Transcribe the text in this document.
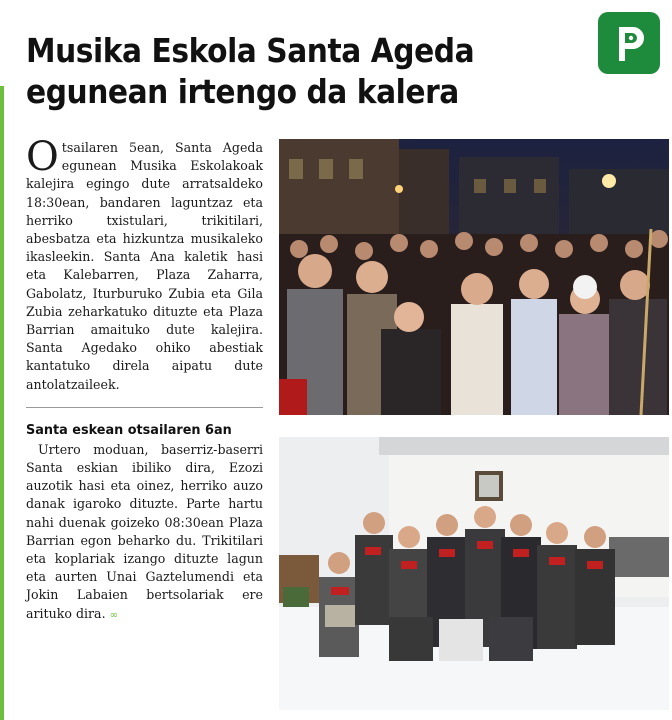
Musika Eskola Santa Ageda egunean irtengo da kalera

Otsailaren 5ean, Santa Ageda egunean Musika Eskolakoak kalejira egingo dute arratsaldeko 18:30ean, bandaren laguntzaz eta herriko txistulari, trikitilari, abesbatza eta hizkuntza musikaleko ikasleekin. Santa Ana kaletik hasi eta Kalebarren, Plaza Zaharra, Gabolatz, Iturburuko Zubia eta Gila Zubia zeharkatuko dituzte eta Plaza Barrian amaituko dute kalejira. Santa Agedako ohiko abestiak kantatuko direla aipatu dute antolatzaileek.

Santa eskean otsailaren 6an

Urtero moduan, baserriz-baserri Santa eskian ibiliko dira, Ezozi auzotik hasi eta oinez, herriko auzo danak igaroko dituzte. Parte hartu nahi duenak goizeko 08:30ean Plaza Barrian egon beharko du. Trikitilari eta koplariak izango dituzte lagun eta aurten Unai Gaztelumendi eta Jokin Labaien bertsolariak ere arituko dira. ∞
